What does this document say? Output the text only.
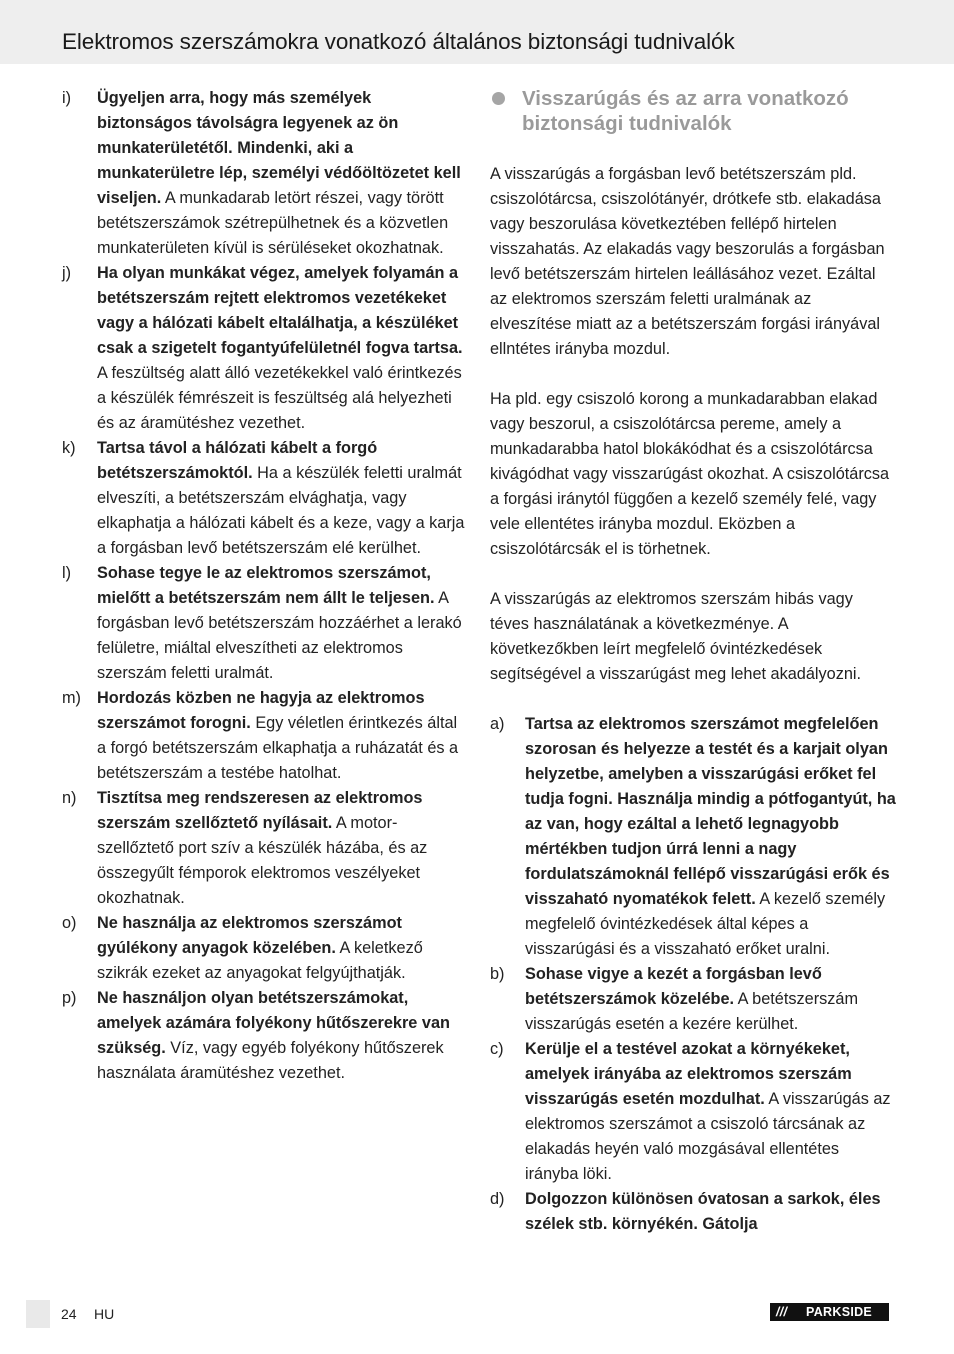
Elektromos szerszámokra vonatkozó általános biztonsági tudnivalók
i) Ügyeljen arra, hogy más személyek biztonságos távolságra legyenek az ön munkaterületétől. Mindenki, aki a munkaterületre lép, személyi védőöltözetet kell viseljen. A munkadarab letört részei, vagy törött betétszerszámok szétrepülhetnek és a közvetlen munkaterületen kívül is sérüléseket okozhatnak.
j) Ha olyan munkákat végez, amelyek folyamán a betétszerszám rejtett elektromos vezetékeket vagy a hálózati kábelt eltalálhatja, a készüléket csak a szigetelt fogantyúfelületnél fogva tartsa. A feszültség alatt álló vezetékekkel való érintkezés a készülék fémrészeit is feszültség alá helyezheti és az áramütéshez vezethet.
k) Tartsa távol a hálózati kábelt a forgó betétszerszámoktól. Ha a készülék feletti uralmát elveszíti, a betétszerszám elvághatja, vagy elkaphatja a hálózati kábelt és a keze, vagy a karja a forgásban levő betétszerszám elé kerülhet.
l) Sohase tegye le az elektromos szerszámot, mielőtt a betétszerszám nem állt le teljesen. A forgásban levő betétszerszám hozzáérhet a lerakó felületre, miáltal elveszítheti az elektromos szerszám feletti uralmát.
m) Hordozás közben ne hagyja az elektromos szerszámot forogni. Egy véletlen érintkezés által a forgó betétszerszám elkaphatja a ruházatát és a betétszerszám a testébe hatolhat.
n) Tisztítsa meg rendszeresen az elektromos szerszám szellőztető nyílásait. A motor-szellőztető port szív a készülék házába, és az összegyűlt fémporok elektromos veszélyeket okozhatnak.
o) Ne használja az elektromos szerszámot gyúlékony anyagok közelében. A keletkező szikrák ezeket az anyagokat felgyújthatják.
p) Ne használjon olyan betétszerszámokat, amelyek azámára folyékony hűtőszerekre van szükség. Víz, vagy egyéb folyékony hűtőszerek használata áramütéshez vezethet.
Visszarúgás és az arra vonatkozó biztonsági tudnivalók
A visszarúgás a forgásban levő betétszerszám pld. csiszolótárcsa, csiszolótányér, drótkefe stb. elakadása vagy beszorulása következtében fellépő hirtelen visszahatás. Az elakadás vagy beszorulás a forgásban levő betétszerszám hirtelen leállásához vezet. Ezáltal az elektromos szerszám feletti uralmának az elveszítése miatt az a betétszerszám forgási irányával ellntétes irányba mozdul.
Ha pld. egy csiszoló korong a munkadarabban elakad vagy beszorul, a csiszolótárcsa pereme, amely a munkadarabba hatol blokákódhat és a csiszolótárcsa kivágódhat vagy visszarúgást okozhat. A csiszolótárcsa a forgási iránytól függően a kezelő személy felé, vagy vele ellentétes irányba mozdul. Eközben a csiszolótárcsák el is törhetnek.
A visszarúgás az elektromos szerszám hibás vagy téves használatának a következménye. A következőkben leírt megfelelő óvintézkedések segítségével a visszarúgást meg lehet akadályozni.
a) Tartsa az elektromos szerszámot megfelelően szorosan és helyezze a testét és a karjait olyan helyzetbe, amelyben a visszarúgási erőket fel tudja fogni. Használja mindig a pótfogantyút, ha az van, hogy ezáltal a lehető legnagyobb mértékben tudjon úrrá lenni a nagy fordulatszámoknál fellépő visszarúgási erők és visszaható nyomatékok felett. A kezelő személy megfelelő óvintézkedések által képes a visszarúgási és a visszaható erőket uralni.
b) Sohase vigye a kezét a forgásban levő betétszerszámok közelébe. A betétszerszám visszarúgás esetén a kezére kerülhet.
c) Kerülje el a testével azokat a környékeket, amelyek irányába az elektromos szerszám visszarúgás esetén mozdulhat. A visszarúgás az elektromos szerszámot a csiszoló tárcsának az elakadás heyén való mozgásával ellentétes irányba löki.
d) Dolgozzon különösen óvatosan a sarkok, éles szélek stb. környékén. Gátolja
24 HU	/// PARKSIDE
